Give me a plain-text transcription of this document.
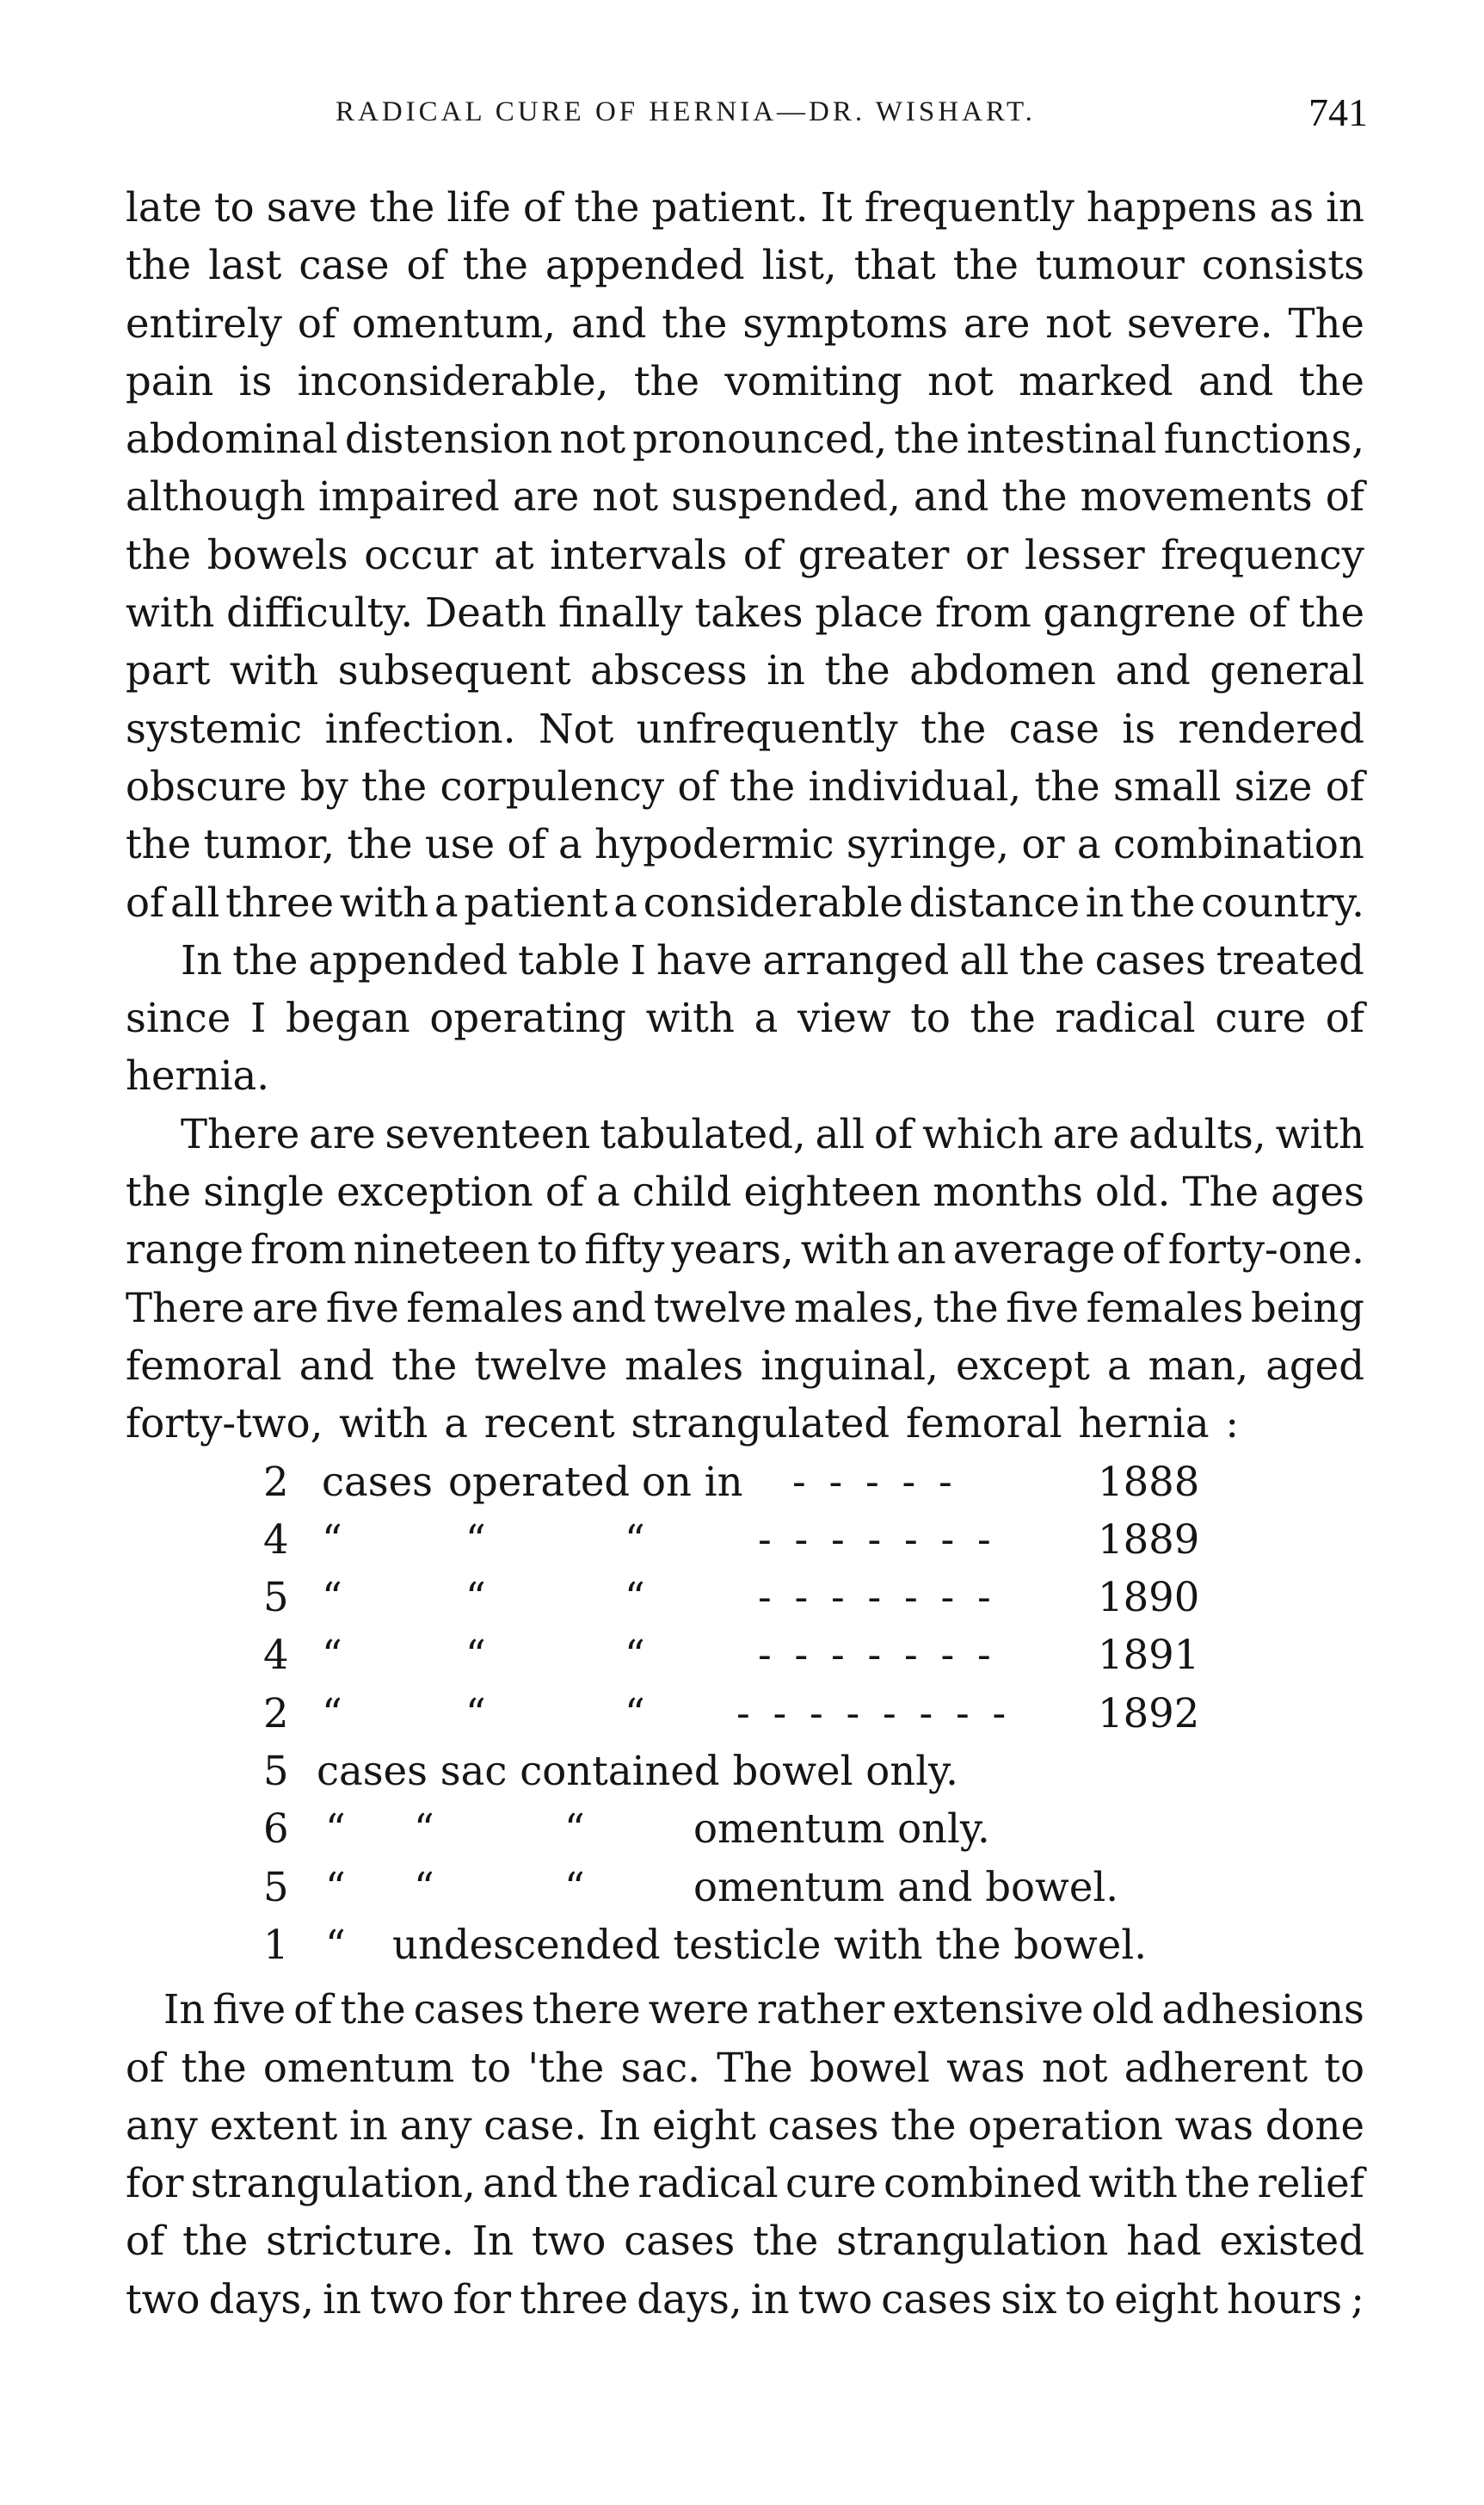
RADICAL CURE OF HERNIA—DR. WISHART.	741
late to save the life of the patient. It frequently happens as in
the last case of the appended list, that the tumour consists
entirely of omentum, and the symptoms are not severe. The
pain is inconsiderable, the vomiting not marked and the
abdominal distension not pronounced, the intestinal functions,
although impaired are not suspended, and the movements of
the bowels occur at intervals of greater or lesser frequency
with difficulty. Death finally takes place from gangrene of the
part with subsequent abscess in the abdomen and general
systemic infection. Not unfrequently the case is rendered
obscure by the corpulency of the individual, the small size of
the tumor, the use of a hypodermic syringe, or a combination
of all three with a patient a considerable distance in the country.
In the appended table I have arranged all the cases treated
since I began operating with a view to the radical cure of
hernia.
There are seventeen tabulated, all of which are adults, with
the single exception of a child eighteen months old. The ages
range from nineteen to fifty years, with an average of forty-one.
There are five females and twelve males, the five females being
femoral and the twelve males inguinal, except a man, aged
forty-two, with a recent strangulated femoral hernia :
2 cases operated on in - - - - -	1888
4 “	“	“	- - - - - - -	1889
5 “	“	“	- - - - - - -	1890
4 “	“	“	- - - - - - -	1891
2 “	“	“ - - - - - - - - 1892
5 cases sac contained bowel only.
6 “ “	“	omentum only.
5 “ “	“	omentum and bowel.
1 “ undescended testicle with the bowel.
In five of the cases there were rather extensive old adhesions
of the omentum to 'the sac. The bowel was not adherent to
any extent in any case. In eight cases the operation was done
for strangulation, and the radical cure combined with the relief
of the stricture. In two cases the strangulation had existed
two days, in two for three days, in two cases six to eight hours ;
